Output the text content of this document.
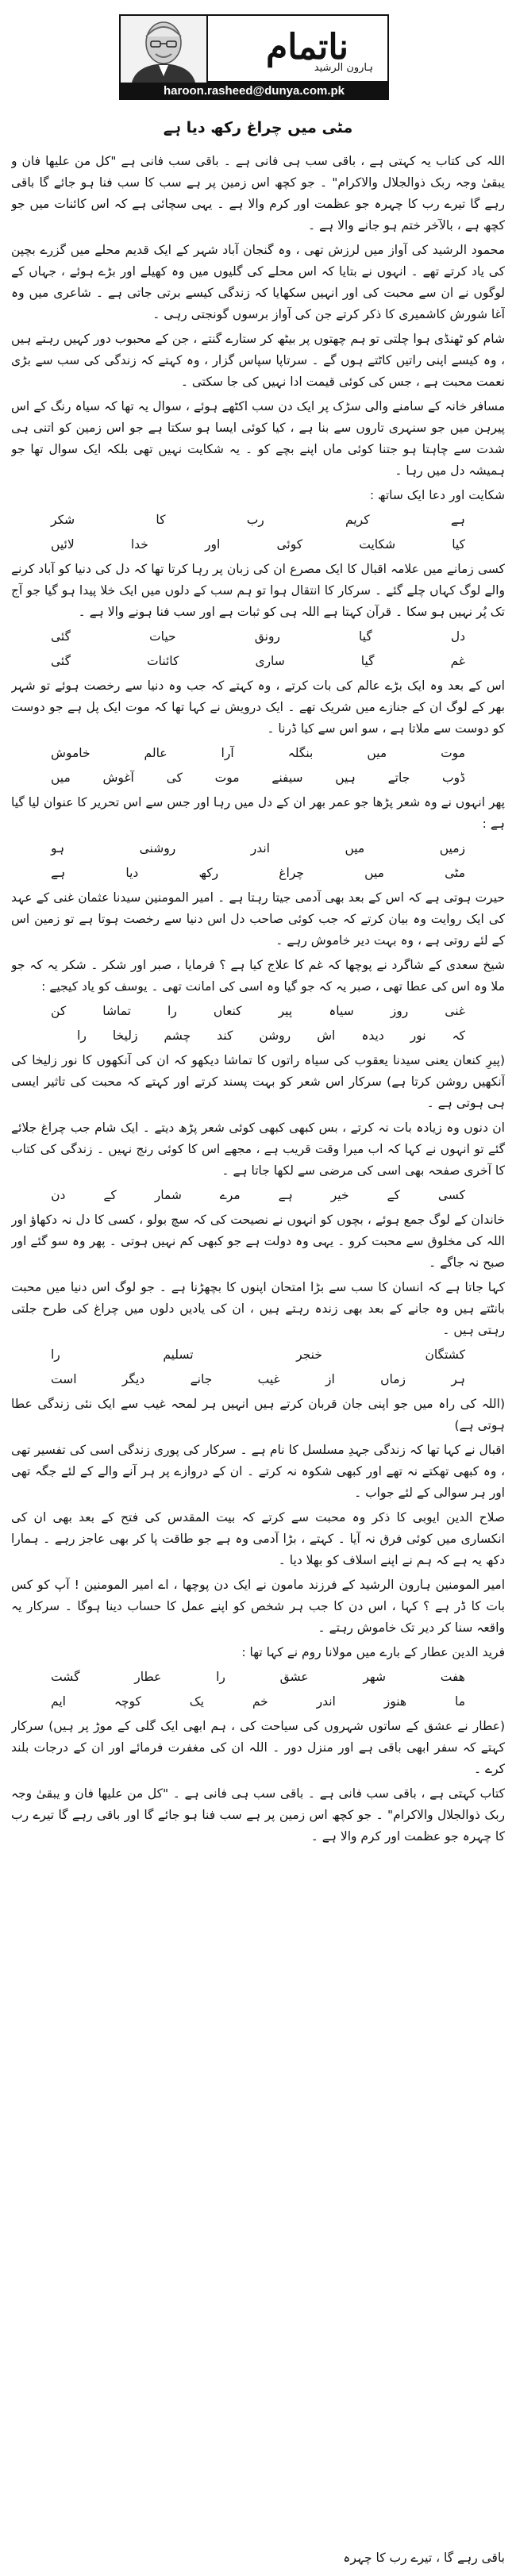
ناتمام
ہارون الرشید
haroon.rasheed@dunya.com.pk
مٹی میں چراغ رکھ دیا ہے

اللہ کی کتاب یہ کہتی ہے ، باقی سب ہی فانی ہے ۔ باقی سب فانی ہے "کل من علیھا فان و یبقیٰ وجہ ربک ذوالجلال والاکرام" ۔ جو کچھ اس زمین پر ہے سب کا سب فنا ہو جائے گا باقی رہے گا تیرے رب کا چہرہ جو عظمت اور کرم والا ہے ۔ یہی سچائی ہے کہ اس کائنات میں جو کچھ ہے ، بالآخر ختم ہو جانے والا ہے ۔

محمود الرشید کی آواز میں لرزش تھی ، وہ گنجان آباد شہر کے ایک قدیم محلے میں گزرے بچپن کی یاد کرتے تھے ۔ انہوں نے بتایا کہ اس محلے کی گلیوں میں وہ کھیلے اور بڑے ہوئے ، جہاں کے لوگوں نے ان سے محبت کی اور انہیں سکھایا کہ زندگی کیسے برتی جاتی ہے ۔ شاعری میں وہ آغا شورش کاشمیری کا ذکر کرتے جن کی آواز برسوں گونجتی رہی ۔

شام کو ٹھنڈی ہوا چلتی تو ہم چھتوں پر بیٹھ کر ستارے گنتے ، جن کے محبوب دور کہیں رہتے ہیں ، وہ کیسے اپنی راتیں کاٹتے ہوں گے ۔ سرتاپا سپاس گزار ، وہ کہتے کہ زندگی کی سب سے بڑی نعمت محبت ہے ، جس کی کوئی قیمت ادا نہیں کی جا سکتی ۔

مسافر خانہ کے سامنے والی سڑک پر ایک دن سب اکٹھے ہوئے ، سوال یہ تھا کہ سیاہ رنگ کے اس پیرہن میں جو سنہری تاروں سے بنا ہے ، کیا کوئی ایسا ہو سکتا ہے جو اس زمین کو اتنی ہی شدت سے چاہتا ہو جتنا کوئی ماں اپنے بچے کو ۔ یہ شکایت نہیں تھی بلکہ ایک سوال تھا جو ہمیشہ دل میں رہا ۔

شکایت اور دعا ایک ساتھ :

ہے
کریم
رب
کا
شکر
کیا
شکایت
کوئی
اور
خدا
لائیں

کسی زمانے میں علامہ اقبال کا ایک مصرع ان کی زبان پر رہا کرتا تھا کہ دل کی دنیا کو آباد کرنے والے لوگ کہاں چلے گئے ۔ سرکار کا انتقال ہوا تو ہم سب کے دلوں میں ایک خلا پیدا ہو گیا جو آج تک پُر نہیں ہو سکا ۔ قرآن کہتا ہے اللہ ہی کو ثبات ہے اور سب فنا ہونے والا ہے ۔

دل
گیا
رونق
حیات
گئی
غم
گیا
ساری
کائنات
گئی

اس کے بعد وہ ایک بڑے عالم کی بات کرتے ، وہ کہتے کہ جب وہ دنیا سے رخصت ہوئے تو شہر بھر کے لوگ ان کے جنازے میں شریک تھے ۔ ایک درویش نے کہا تھا کہ موت ایک پل ہے جو دوست کو دوست سے ملاتا ہے ، سو اس سے کیا ڈرنا ۔

موت
میں
بنگلہ
آرا
عالم
خاموش
ڈوب
جاتے
ہیں
سیفنے
موت
کی
آغوش
میں

پھر انہوں نے وہ شعر پڑھا جو عمر بھر ان کے دل میں رہا اور جس سے اس تحریر کا عنوان لیا گیا ہے :

زمیں
میں
اندر
روشنی
ہو
مٹی
میں
چراغ
رکھ
دیا
ہے

حیرت ہوتی ہے کہ اس کے بعد بھی آدمی جیتا رہتا ہے ۔ امیر المومنین سیدنا عثمان غنی کے عہد کی ایک روایت وہ بیان کرتے کہ جب کوئی صاحب دل اس دنیا سے رخصت ہوتا ہے تو زمین اس کے لئے روتی ہے ، وہ بہت دیر خاموش رہے ۔

شیخ سعدی کے شاگرد نے پوچھا کہ غم کا علاج کیا ہے ؟ فرمایا ، صبر اور شکر ۔ شکر یہ کہ جو ملا وہ اس کی عطا تھی ، صبر یہ کہ جو گیا وہ اسی کی امانت تھی ۔ یوسف کو یاد کیجیے :

غنی
روز
سیاہ
پیر
کنعاں
را
تماشا
کن
کہ
نور
دیدہ
اش
روشن
کند
چشم
زلیخا
را

(پیرِ کنعان یعنی سیدنا یعقوب کی سیاہ راتوں کا تماشا دیکھو کہ ان کی آنکھوں کا نور زلیخا کی آنکھیں روشن کرتا ہے) سرکار اس شعر کو بہت پسند کرتے اور کہتے کہ محبت کی تاثیر ایسی ہی ہوتی ہے ۔

ان دنوں وہ زیادہ بات نہ کرتے ، بس کبھی کبھی کوئی شعر پڑھ دیتے ۔ ایک شام جب چراغ جلائے گئے تو انہوں نے کہا کہ اب میرا وقت قریب ہے ، مجھے اس کا کوئی رنج نہیں ۔ زندگی کی کتاب کا آخری صفحہ بھی اسی کی مرضی سے لکھا جاتا ہے ۔

کسی
کے
خیر
ہے
مرے
شمار
کے
دن

خاندان کے لوگ جمع ہوئے ، بچوں کو انہوں نے نصیحت کی کہ سچ بولو ، کسی کا دل نہ دکھاؤ اور اللہ کی مخلوق سے محبت کرو ۔ یہی وہ دولت ہے جو کبھی کم نہیں ہوتی ۔ پھر وہ سو گئے اور صبح نہ جاگے ۔

کہا جاتا ہے کہ انسان کا سب سے بڑا امتحان اپنوں کا بچھڑنا ہے ۔ جو لوگ اس دنیا میں محبت بانٹتے ہیں وہ جانے کے بعد بھی زندہ رہتے ہیں ، ان کی یادیں دلوں میں چراغ کی طرح جلتی رہتی ہیں ۔

کشتگان
خنجر
تسلیم
را
ہر
زماں
از
غیب
جانے
دیگر
است

(اللہ کی راہ میں جو اپنی جان قربان کرتے ہیں انہیں ہر لمحہ غیب سے ایک نئی زندگی عطا ہوتی ہے)

اقبال نے کہا تھا کہ زندگی جہدِ مسلسل کا نام ہے ۔ سرکار کی پوری زندگی اسی کی تفسیر تھی ، وہ کبھی تھکتے نہ تھے اور کبھی شکوہ نہ کرتے ۔ ان کے دروازے پر ہر آنے والے کے لئے جگہ تھی اور ہر سوالی کے لئے جواب ۔

صلاح الدین ایوبی کا ذکر وہ محبت سے کرتے کہ بیت المقدس کی فتح کے بعد بھی ان کی انکساری میں کوئی فرق نہ آیا ۔ کہتے ، بڑا آدمی وہ ہے جو طاقت پا کر بھی عاجز رہے ۔ ہمارا دکھ یہ ہے کہ ہم نے اپنے اسلاف کو بھلا دیا ۔

امیر المومنین ہارون الرشید کے فرزند مامون نے ایک دن پوچھا ، اے امیر المومنین ! آپ کو کس بات کا ڈر ہے ؟ کہا ، اس دن کا جب ہر شخص کو اپنے عمل کا حساب دینا ہوگا ۔ سرکار یہ واقعہ سنا کر دیر تک خاموش رہتے ۔

فرید الدین عطار کے بارے میں مولانا روم نے کہا تھا :

هفت
شهر
عشق
را
عطار
گشت
ما
هنوز
اندر
خم
یک
کوچہ
ایم

(عطار نے عشق کے ساتوں شہروں کی سیاحت کی ، ہم ابھی ایک گلی کے موڑ پر ہیں) سرکار کہتے کہ سفر ابھی باقی ہے اور منزل دور ۔ اللہ ان کی مغفرت فرمائے اور ان کے درجات بلند کرے ۔

کتاب کہتی ہے ، باقی سب فانی ہے ۔ باقی سب ہی فانی ہے ۔ "کل من علیھا فان و یبقیٰ وجہ ربک ذوالجلال والاکرام" ۔ جو کچھ اس زمین پر ہے سب فنا ہو جائے گا اور باقی رہے گا تیرے رب کا چہرہ جو عظمت اور کرم والا ہے ۔

باقی رہے گا ، تیرے رب کا چہرہ
